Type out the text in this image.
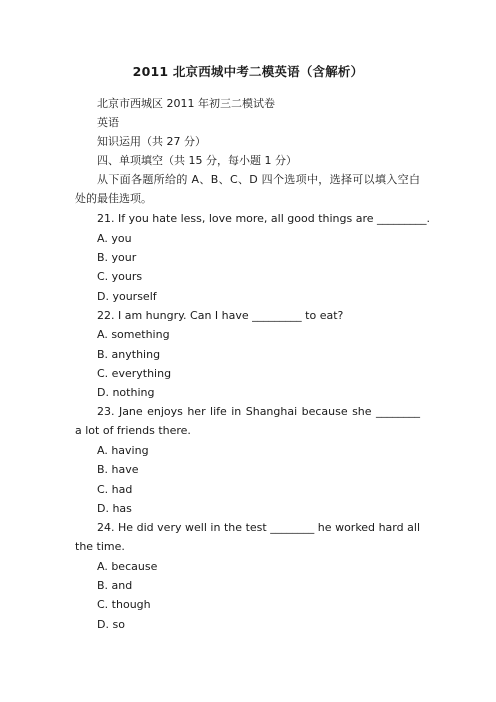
2011 北京西城中考二模英语（含解析）

北京市西城区 2011 年初三二模试卷

英语

知识运用（共 27 分）

四、单项填空（共 15 分，每小题 1 分）

从下面各题所给的 A、B、C、D 四个选项中，选择可以填入空白处的最佳选项。

21. If you hate less, love more, all good things are _________.

A. you

B. your

C. yours

D. yourself

22. I am hungry. Can I have _________ to eat?

A. something

B. anything

C. everything

D. nothing

23. Jane enjoys her life in Shanghai because she ________ a lot of friends there.

A. having

B. have

C. had

D. has

24. He did very well in the test ________ he worked hard all the time.

A. because

B. and

C. though

D. so
